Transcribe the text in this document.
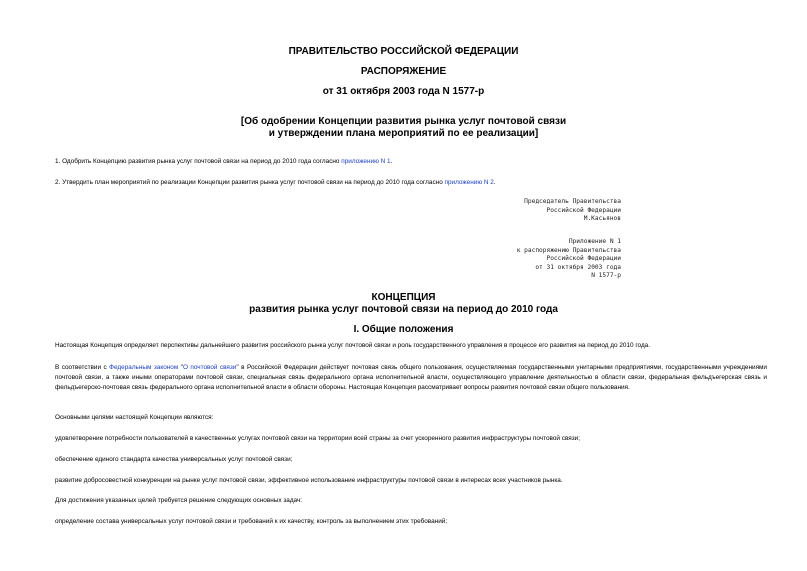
ПРАВИТЕЛЬСТВО РОССИЙСКОЙ ФЕДЕРАЦИИ
РАСПОРЯЖЕНИЕ
от 31 октября 2003 года N 1577-р
[Об одобрении Концепции развития рынка услуг почтовой связи
и утверждении плана мероприятий по ее реализации]
1. Одобрить Концепцию развития рынка услуг почтовой связи на период до 2010 года согласно приложению N 1.
2. Утвердить план мероприятий по реализации Концепции развития рынка услуг почтовой связи на период до 2010 года согласно приложению N 2.
Председатель Правительства
Российской Федерации
М.Касьянов
Приложение N 1
к распоряжению Правительства
Российской Федерации
от 31 октября 2003 года
N 1577-р
КОНЦЕПЦИЯ
развития рынка услуг почтовой связи на период до 2010 года
I. Общие положения
Настоящая Концепция определяет перспективы дальнейшего развития российского рынка услуг почтовой связи и роль государственного управления в процессе его развития на период до 2010 года.
В соответствии с Федеральным законом "О почтовой связи" в Российской Федерации действует почтовая связь общего пользования, осуществляемая государственными унитарными предприятиями, государственными учреждениями почтовой связи, а также иными операторами почтовой связи, специальная связь федерального органа исполнительной власти, осуществляющего управление деятельностью в области связи, федеральная фельдъегерская связь и фельдъегерско-почтовая связь федерального органа исполнительной власти в области обороны. Настоящая Концепция рассматривает вопросы развития почтовой связи общего пользования.
Основными целями настоящей Концепции являются:
удовлетворение потребности пользователей в качественных услугах почтовой связи на территории всей страны за счет ускоренного развития инфраструктуры почтовой связи;
обеспечение единого стандарта качества универсальных услуг почтовой связи;
развитие добросовестной конкуренции на рынке услуг почтовой связи, эффективное использование инфраструктуры почтовой связи в интересах всех участников рынка.
Для достижения указанных целей требуется решение следующих основных задач:
определение состава универсальных услуг почтовой связи и требований к их качеству, контроль за выполнением этих требований;
